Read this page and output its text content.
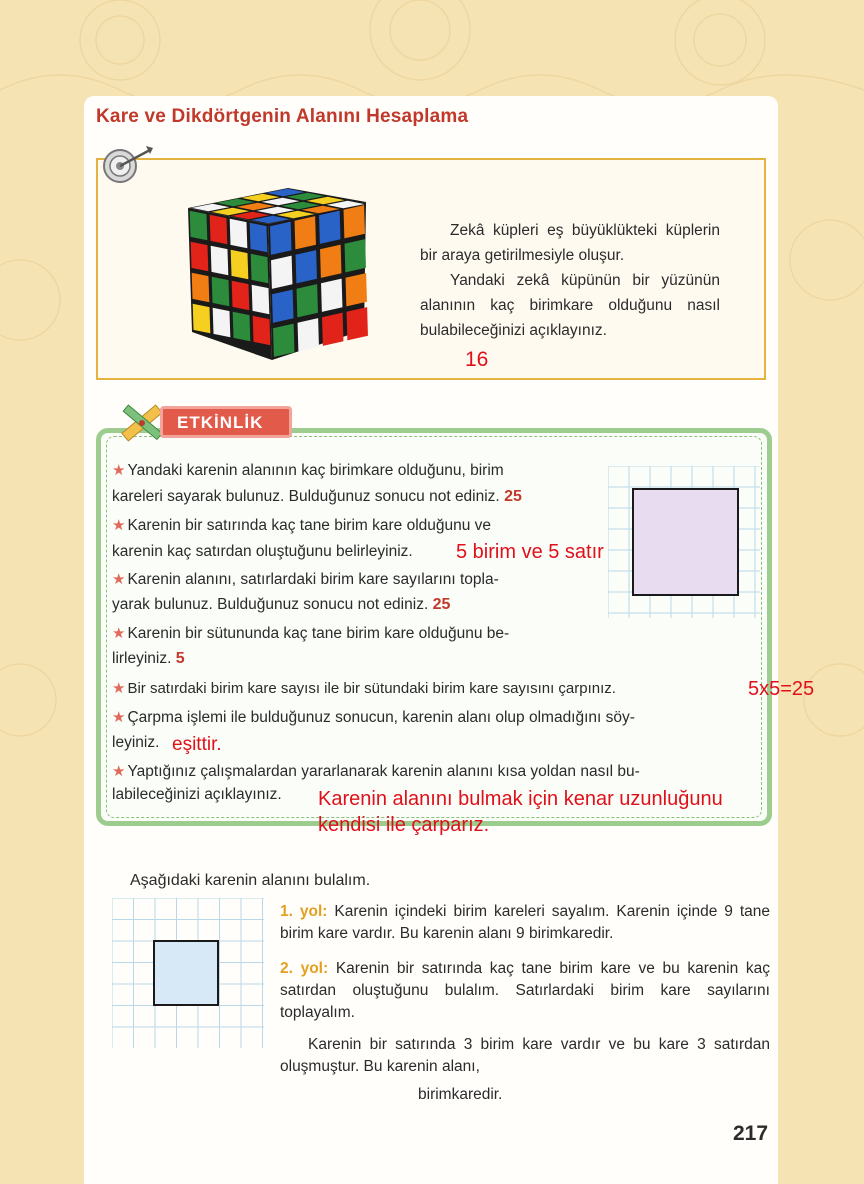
Kare ve Dikdörtgenin Alanını Hesaplama

Zekâ küpleri eş büyüklükteki küplerin bir araya getirilmesiyle oluşur.

Yandaki zekâ küpünün bir yüzünün alanının kaç birimkare olduğunu nasıl bulabileceğinizi açıklayınız.

16
ETKİNLİK
★ Yandaki karenin alanının kaç birimkare olduğunu, birim
kareleri sayarak bulunuz. Bulduğunuz sonucu not ediniz. 25
★ Karenin bir satırında kaç tane birim kare olduğunu ve
karenin kaç satırdan oluştuğunu belirleyiniz. 5 birim ve 5 satır
★ Karenin alanını, satırlardaki birim kare sayılarını topla-
yarak bulunuz. Bulduğunuz sonucu not ediniz. 25
★ Karenin bir sütununda kaç tane birim kare olduğunu be-
lirleyiniz. 5
★ Bir satırdaki birim kare sayısı ile bir sütundaki birim kare sayısını çarpınız.	5x5=25
★ Çarpma işlemi ile bulduğunuz sonucun, karenin alanı olup olmadığını söy-
leyiniz. eşittir.
★ Yaptığınız çalışmalardan yararlanarak karenin alanını kısa yoldan nasıl bu-
labileceğinizi açıklayınız. Karenin alanını bulmak için kenar uzunluğunu
kendisi ile çarparız.
Aşağıdaki karenin alanını bulalım.
1. yol: Karenin içindeki birim kareleri sayalım. Karenin içinde 9 tane birim kare vardır. Bu karenin alanı 9 birimkaredir.
2. yol: Karenin bir satırında kaç tane birim kare ve bu karenin kaç satırdan oluştuğunu bulalım. Satırlardaki birim kare sayılarını toplayalım.
Karenin bir satırında 3 birim kare vardır ve bu kare 3 satırdan oluşmuştur. Bu karenin alanı,
birimkaredir.
217
